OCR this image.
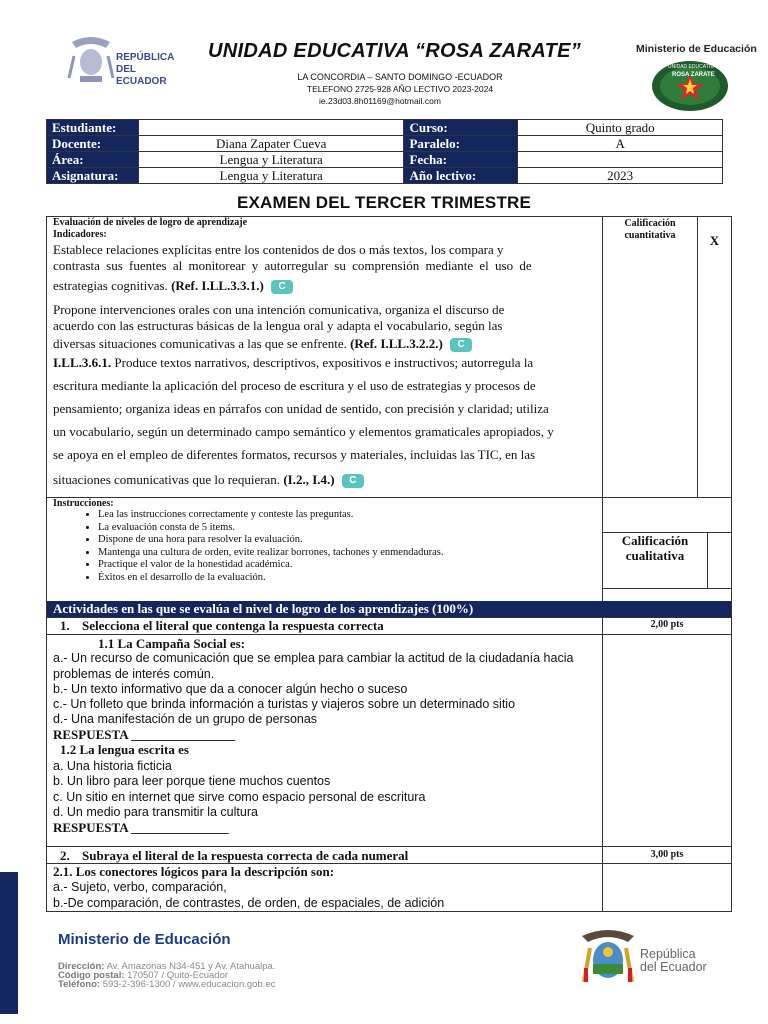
REPÚBLICA
DEL ECUADOR
UNIDAD EDUCATIVA “ROSA ZARATE”	Ministerio de Educación
LA CONCORDIA – SANTO DOMINGO -ECUADOR
TELEFONO 2725-928 AÑO LECTIVO 2023-2024
ie.23d03.8h01169@hotmail.com
UNIDAD EDUCATIVA
ROSA ZARATE
Estudiante:		Curso:	Quinto grado
Docente:	Diana Zapater Cueva	Paralelo:	A
Área:	Lengua y Literatura	Fecha:	
Asignatura:	Lengua y Literatura	Año lectivo:	2023
EXAMEN DEL TERCER TRIMESTRE
Evaluación de niveles de logro de aprendizaje
Indicadores:
Establece relaciones explícitas entre los contenidos de dos o más textos, los compara y
contrasta sus fuentes al monitorear y autorregular su comprensión mediante el uso de
estrategias cognitivas. (Ref. I.LL.3.3.1.) C
Propone intervenciones orales con una intención comunicativa, organiza el discurso de
acuerdo con las estructuras básicas de la lengua oral y adapta el vocabulario, según las
diversas situaciones comunicativas a las que se enfrente. (Ref. I.LL.3.2.2.) C
I.LL.3.6.1. Produce textos narrativos, descriptivos, expositivos e instructivos; autorregula la
escritura mediante la aplicación del proceso de escritura y el uso de estrategias y procesos de
pensamiento; organiza ideas en párrafos con unidad de sentido, con precisión y claridad; utiliza
un vocabulario, según un determinado campo semántico y elementos gramaticales apropiados, y
se apoya en el empleo de diferentes formatos, recursos y materiales, incluidas las TIC, en las
situaciones comunicativas que lo requieran. (I.2., I.4.) C
Calificación
cuantitativa	X
Instrucciones:
• Lea las instrucciones correctamente y conteste las preguntas.
• La evaluación consta de 5 ítems.
• Dispone de una hora para resolver la evaluación.
• Mantenga una cultura de orden, evite realizar borrones, tachones y enmendaduras.
• Practique el valor de la honestidad académica.
• Éxitos en el desarrollo de la evaluación.
Calificación
cualitativa
Actividades en las que se evalúa el nivel de logro de los aprendizajes (100%)
1. Selecciona el literal que contenga la respuesta correcta	2,00 pts
1.1 La Campaña Social es:
a.- Un recurso de comunicación que se emplea para cambiar la actitud de la ciudadanía hacia
problemas de interés común.
b.- Un texto informativo que da a conocer algún hecho o suceso
c.- Un folleto que brinda información a turistas y viajeros sobre un determinado sitio
d.- Una manifestación de un grupo de personas
RESPUESTA ________________
1.2 La lengua escrita es
a. Una historia ficticia
b. Un libro para leer porque tiene muchos cuentos
c. Un sitio en internet que sirve como espacio personal de escritura
d. Un medio para transmitir la cultura
RESPUESTA _______________
2. Subraya el literal de la respuesta correcta de cada numeral	3,00 pts
2.1. Los conectores lógicos para la descripción son:
a.- Sujeto, verbo, comparación,
b.-De comparación, de contrastes, de orden, de espaciales, de adición
Ministerio de Educación
Dirección: Av. Amazonas N34-451 y Av. Atahualpa.
Código postal: 170507 / Quito-Ecuador
Teléfono: 593-2-396-1300 / www.educacion.gob.ec
República
del Ecuador
